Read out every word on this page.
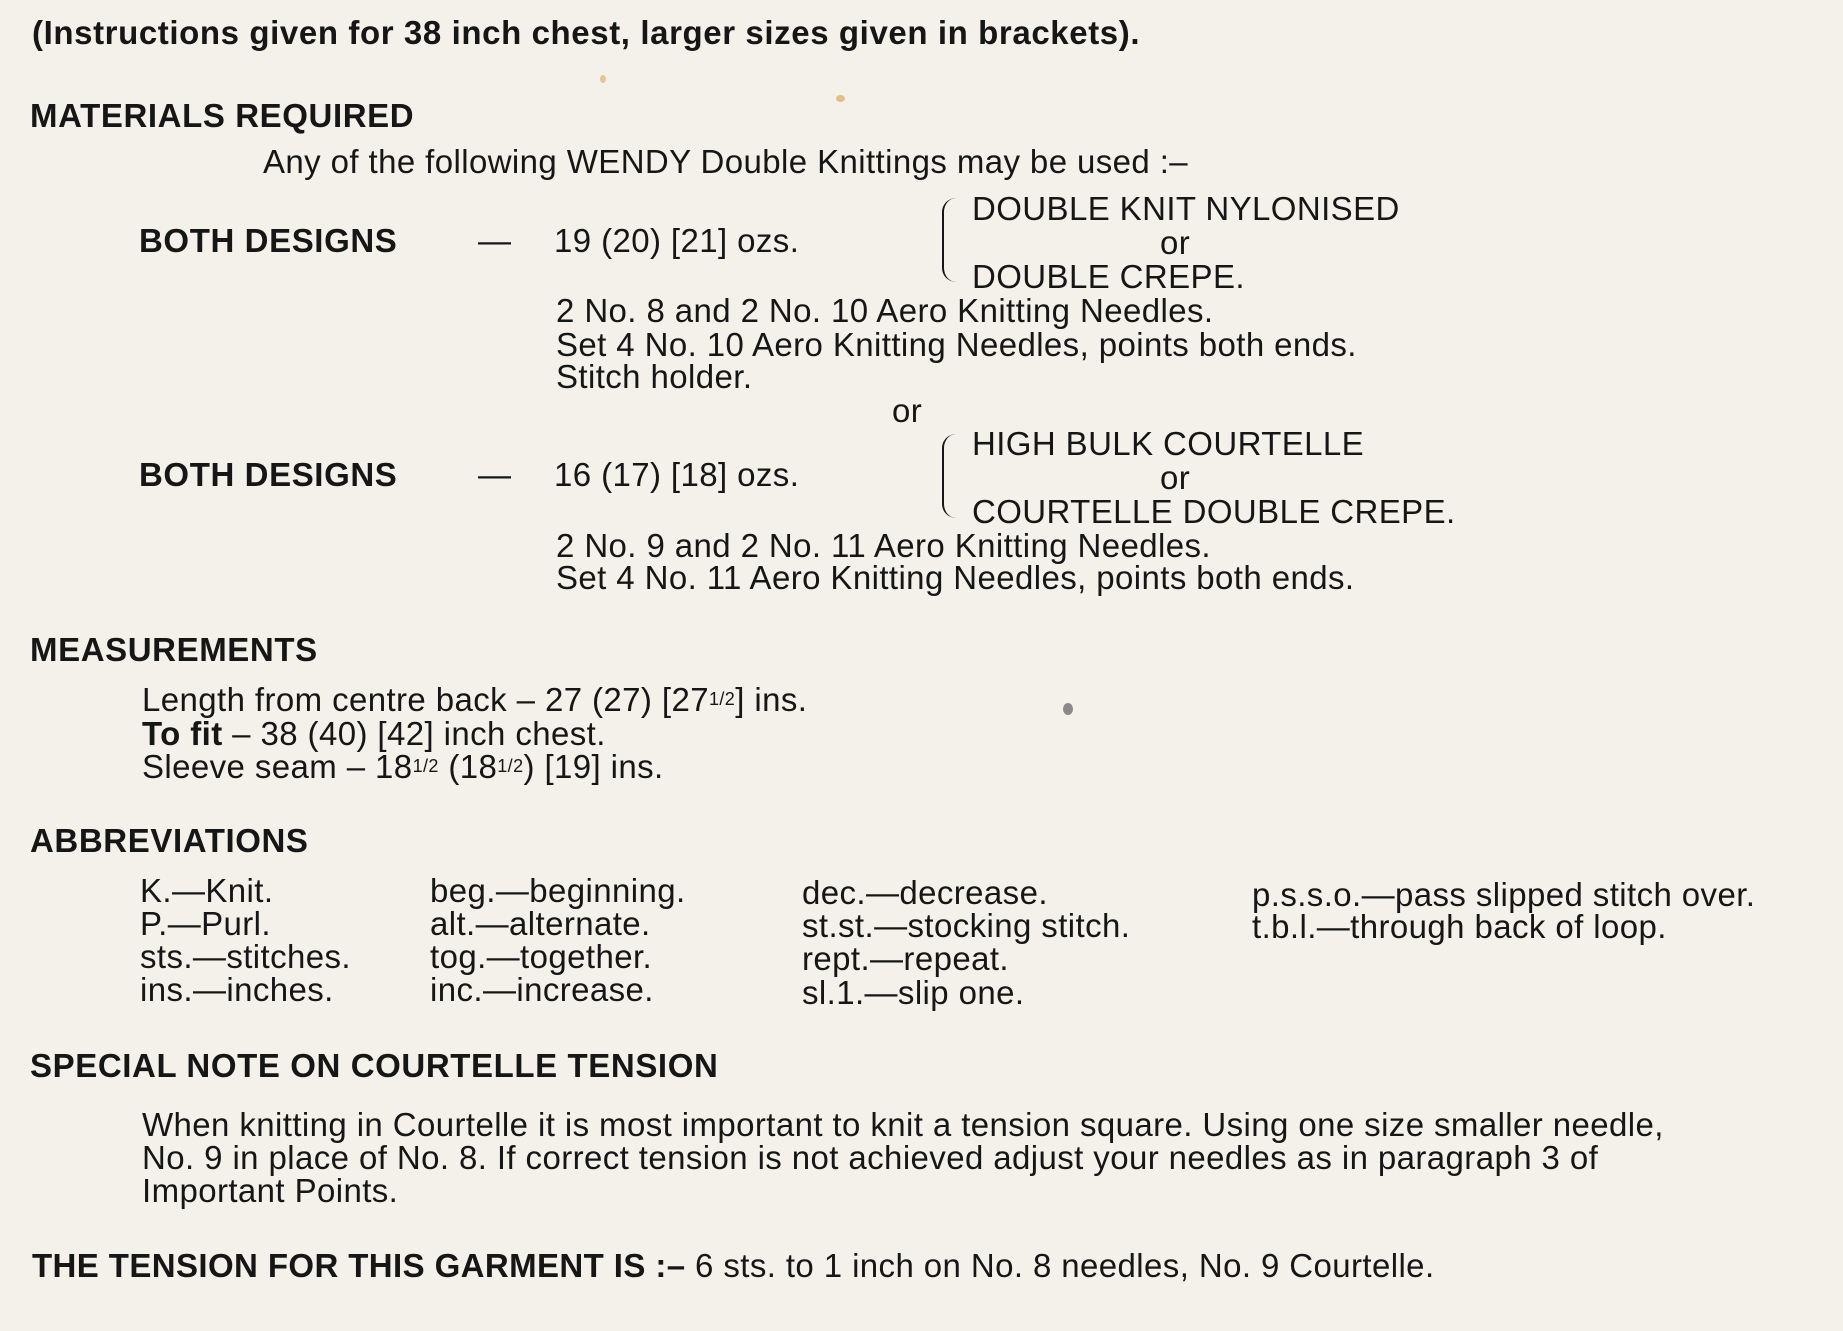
(Instructions given for 38 inch chest, larger sizes given in brackets).
MATERIALS REQUIRED
Any of the following WENDY Double Knittings may be used :–
BOTH DESIGNS — 19 (20) [21] ozs.
DOUBLE KNIT NYLONISED
or
DOUBLE CREPE.
2 No. 8 and 2 No. 10 Aero Knitting Needles.
Set 4 No. 10 Aero Knitting Needles, points both ends.
Stitch holder.
or
BOTH DESIGNS — 16 (17) [18] ozs.
HIGH BULK COURTELLE
or
COURTELLE DOUBLE CREPE.
2 No. 9 and 2 No. 11 Aero Knitting Needles.
Set 4 No. 11 Aero Knitting Needles, points both ends.
MEASUREMENTS
Length from centre back – 27 (27) [271/2] ins.
To fit – 38 (40) [42] inch chest.
Sleeve seam – 181/2 (181/2) [19] ins.
ABBREVIATIONS
K.—Knit.
P.—Purl.
sts.—stitches.
ins.—inches.
beg.—beginning.
alt.—alternate.
tog.—together.
inc.—increase.
dec.—decrease.
st.st.—stocking stitch.
rept.—repeat.
sl.1.—slip one.
p.s.s.o.—pass slipped stitch over.
t.b.l.—through back of loop.
SPECIAL NOTE ON COURTELLE TENSION
When knitting in Courtelle it is most important to knit a tension square. Using one size smaller needle,
No. 9 in place of No. 8. If correct tension is not achieved adjust your needles as in paragraph 3 of
Important Points.
THE TENSION FOR THIS GARMENT IS :– 6 sts. to 1 inch on No. 8 needles, No. 9 Courtelle.
